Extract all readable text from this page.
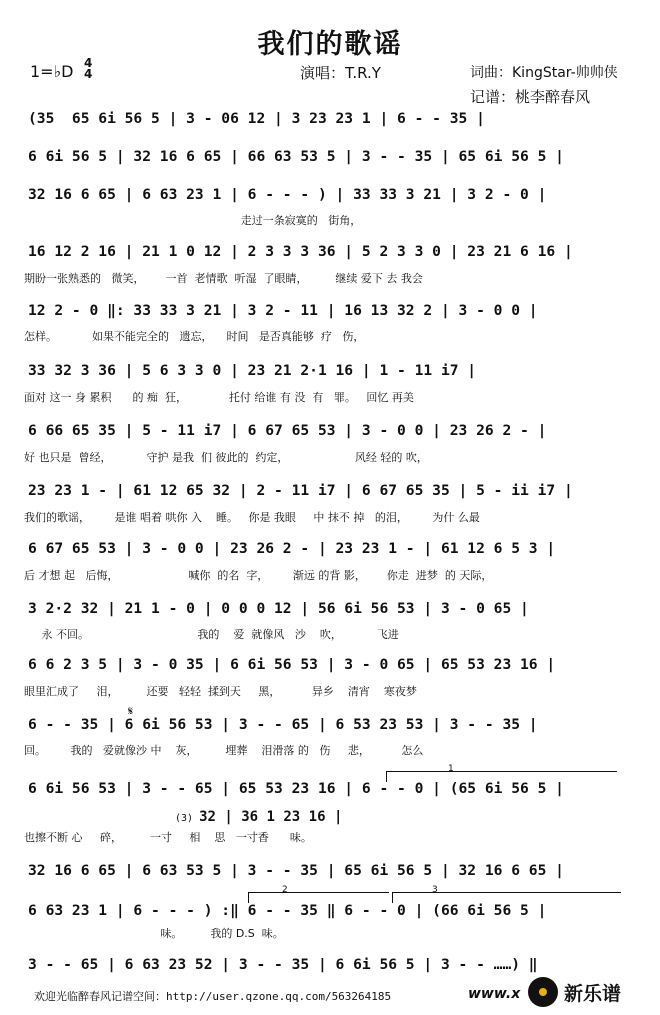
我们的歌谣
1=♭D 4
4	演唱：T.R.Y	词曲：KingStar-帅帅侠
记谱：桃李醉春风
(35  65 6i 56 5 | 3 - 06 12 | 3 23 23 1 | 6 - - 35 |
6 6i 56 5 | 32 16 6 65 | 66 63 53 5 | 3 - - 35 | 65 6i 56 5 |
32 16 6 65 | 6 63 23 1 | 6 - - - ) | 33 33 3 21 | 3 2 - 0 |
走过一条寂寞的   街角，
16 12 2 16 | 21 1 0 12 | 2 3 3 3 36 | 5 2 3 3 0 | 23 21 6 16 |
期盼一张熟悉的   微笑，      一首  老情歌  听湿  了眼睛，        继续 爱下 去 我会
12 2 - 0 ‖: 33 33 3 21 | 3 2 - 11 | 16 13 32 2 | 3 - 0 0 |
怎样。          如果不能完全的   遗忘，    时间   是否真能够  疗   伤，
33 32 3 36 | 5 6 3 3 0 | 23 21 2·1 16 | 1 - 11 i7 |
面对 这一 身 累积      的 痴  狂，            托付 给谁 有 没  有   罪。   回忆 再美
6 66 65 35 | 5 - 11 i7 | 6 67 65 53 | 3 - 0 0 | 23 26 2 - |
好 也只是  曾经，          守护 是我  们 彼此的  约定，                   风经 轻的 吹，
23 23 1 - | 61 12 65 32 | 2 - 11 i7 | 6 67 65 35 | 5 - ii i7 |
我们的歌谣，       是谁 唱着 哄你 入    睡。   你是 我眼     中 抹不 掉   的泪，       为什 么最
6 67 65 53 | 3 - 0 0 | 23 26 2 - | 23 23 1 - | 61 12 6 5 3 |
后 才想 起   后悔，                    喊你  的名  字，       渐远 的背 影，      你走  进梦  的 天际，
3 2·2 32 | 21 1 - 0 | 0 0 0 12 | 56 6i 56 53 | 3 - 0 65 |
永 不回。                               我的    爱  就像风   沙    吹，          飞进
6 6 2 3 5 | 3 - 0 35 | 6 6i 56 53 | 3 - 0 65 | 65 53 23 16 |
眼里汇成了     泪，        还要   轻轻  揉到天     黑，         异乡    清宵    寒夜梦
6 - - 35 | 6 6i 56 53 | 3 - - 65 | 6 53 23 53 | 3 - - 35 |
回。       我的   爱就像沙 中    灰，        埋葬    泪滑落 的   伤     悲，         怎么
6 6i 56 53 | 3 - - 65 | 65 53 23 16 | 6 - - 0 | (65 6i 56 5 |
也擦不断 心     碎，        一寸     相    思   一寸香      味。
32 16 6 65 | 6 63 53 5 | 3 - - 35 | 65 6i 56 5 | 32 16 6 65 |
6 63 23 1 | 6 - - - ) :‖ 6 - - 35 ‖ 6 - - 0 | (66 6i 56 5 |
味。        我的 D.S  味。
3 - - 65 | 6 63 23 52 | 3 - - 35 | 6 6i 56 5 | 3 - - ……) ‖
𝄋
(3) 32 | 36 1 23 16 |
1
2	3
欢迎光临醉春风记谱空间：http://user.qzone.qq.com/563264185	www.x 新乐谱
